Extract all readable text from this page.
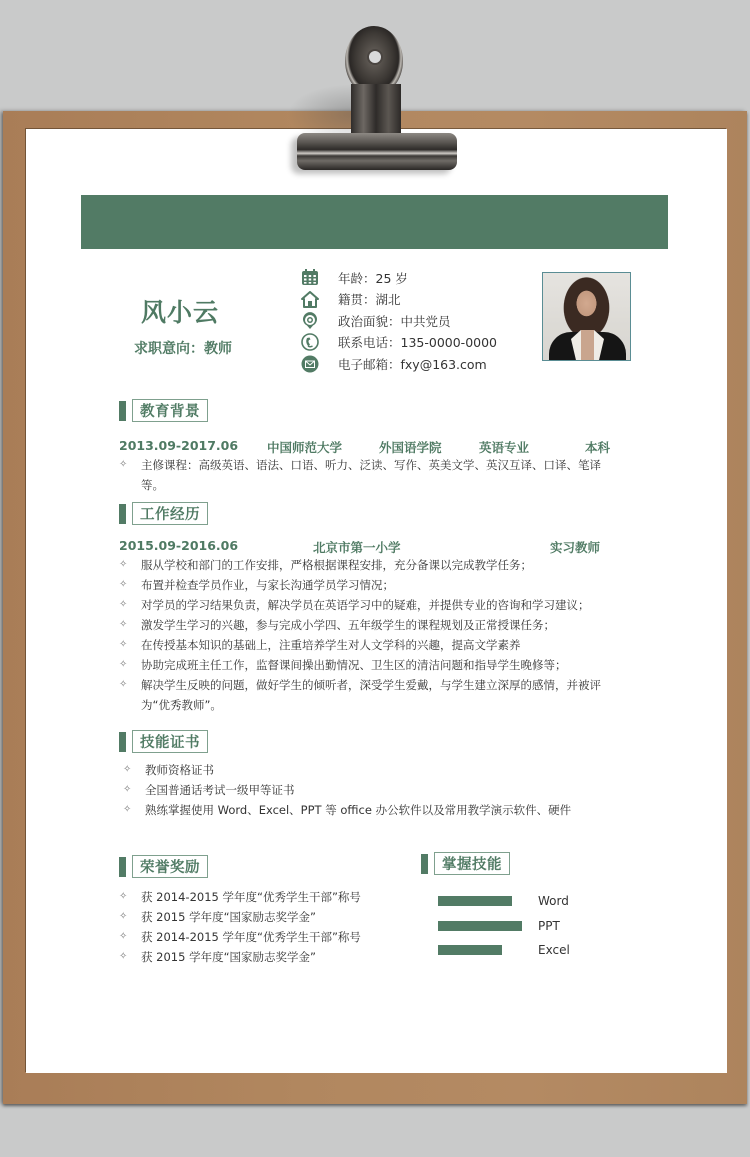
风小云
求职意向：教师
年龄：25 岁
籍贯：湖北
政治面貌：中共党员
联系电话：135-0000-0000
电子邮箱：fxy@163.com
教育背景
2013.09-2017.06 中国师范大学	外国语学院	英语专业	本科
✧	主修课程：高级英语、语法、口语、听力、泛读、写作、英美文学、英汉互译、口译、笔译等。
工作经历
2015.09-2016.06	北京市第一小学	实习教师
✧	服从学校和部门的工作安排，严格根据课程安排，充分备课以完成教学任务；
✧	布置并检查学员作业，与家长沟通学员学习情况；
✧	对学员的学习结果负责，解决学员在英语学习中的疑难，并提供专业的咨询和学习建议；
✧	激发学生学习的兴趣，参与完成小学四、五年级学生的课程规划及正常授课任务；
✧	在传授基本知识的基础上，注重培养学生对人文学科的兴趣，提高文学素养
✧	协助完成班主任工作，监督课间操出勤情况、卫生区的清洁问题和指导学生晚修等；
✧	解决学生反映的问题，做好学生的倾听者，深受学生爱戴，与学生建立深厚的感情，并被评为“优秀教师”。
技能证书
✧	教师资格证书
✧	全国普通话考试一级甲等证书
✧	熟练掌握使用 Word、Excel、PPT 等 office 办公软件以及常用教学演示软件、硬件
荣誉奖励
✧	获 2014-2015 学年度“优秀学生干部”称号
✧	获 2015 学年度“国家励志奖学金”
✧	获 2014-2015 学年度“优秀学生干部”称号
✧	获 2015 学年度“国家励志奖学金”
掌握技能
Word
PPT
Excel
